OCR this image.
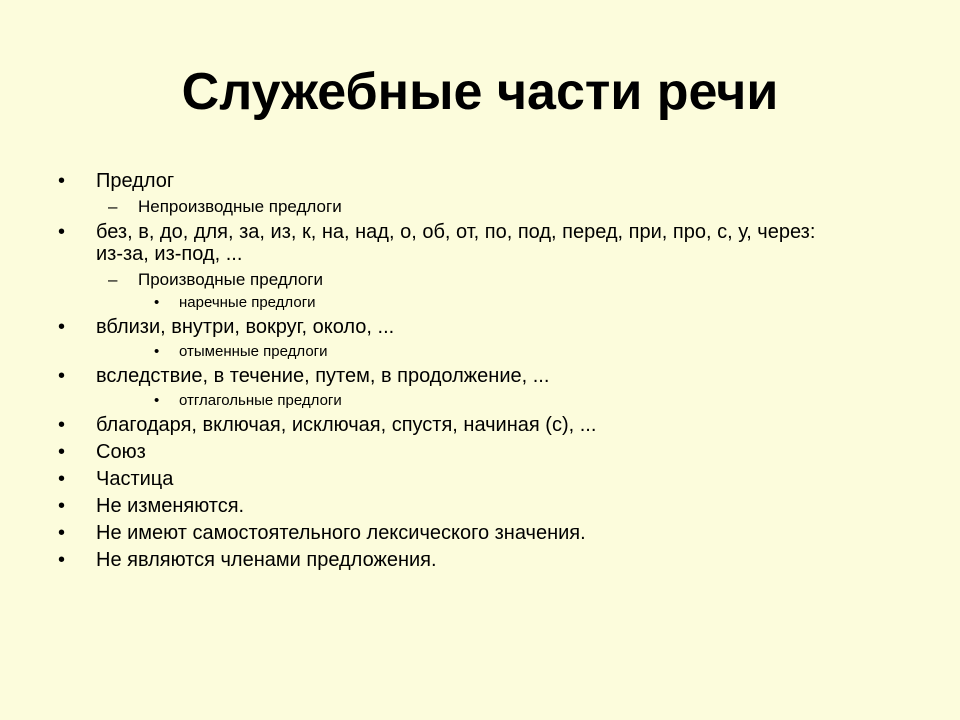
Служебные части речи
• Предлог
– Непроизводные предлоги
• без, в, до, для, за, из, к, на, над, о, об, от, по, под, перед, при, про, с, у, через:
из-за, из-под, ...
– Производные предлоги
• наречные предлоги
• вблизи, внутри, вокруг, около, ...
• отыменные предлоги
• вследствие, в течение, путем, в продолжение, ...
• отглагольные предлоги
• благодаря, включая, исключая, спустя, начиная (с), ...
• Союз
• Частица
• Не изменяются.
• Не имеют самостоятельного лексического значения.
• Не являются членами предложения.
